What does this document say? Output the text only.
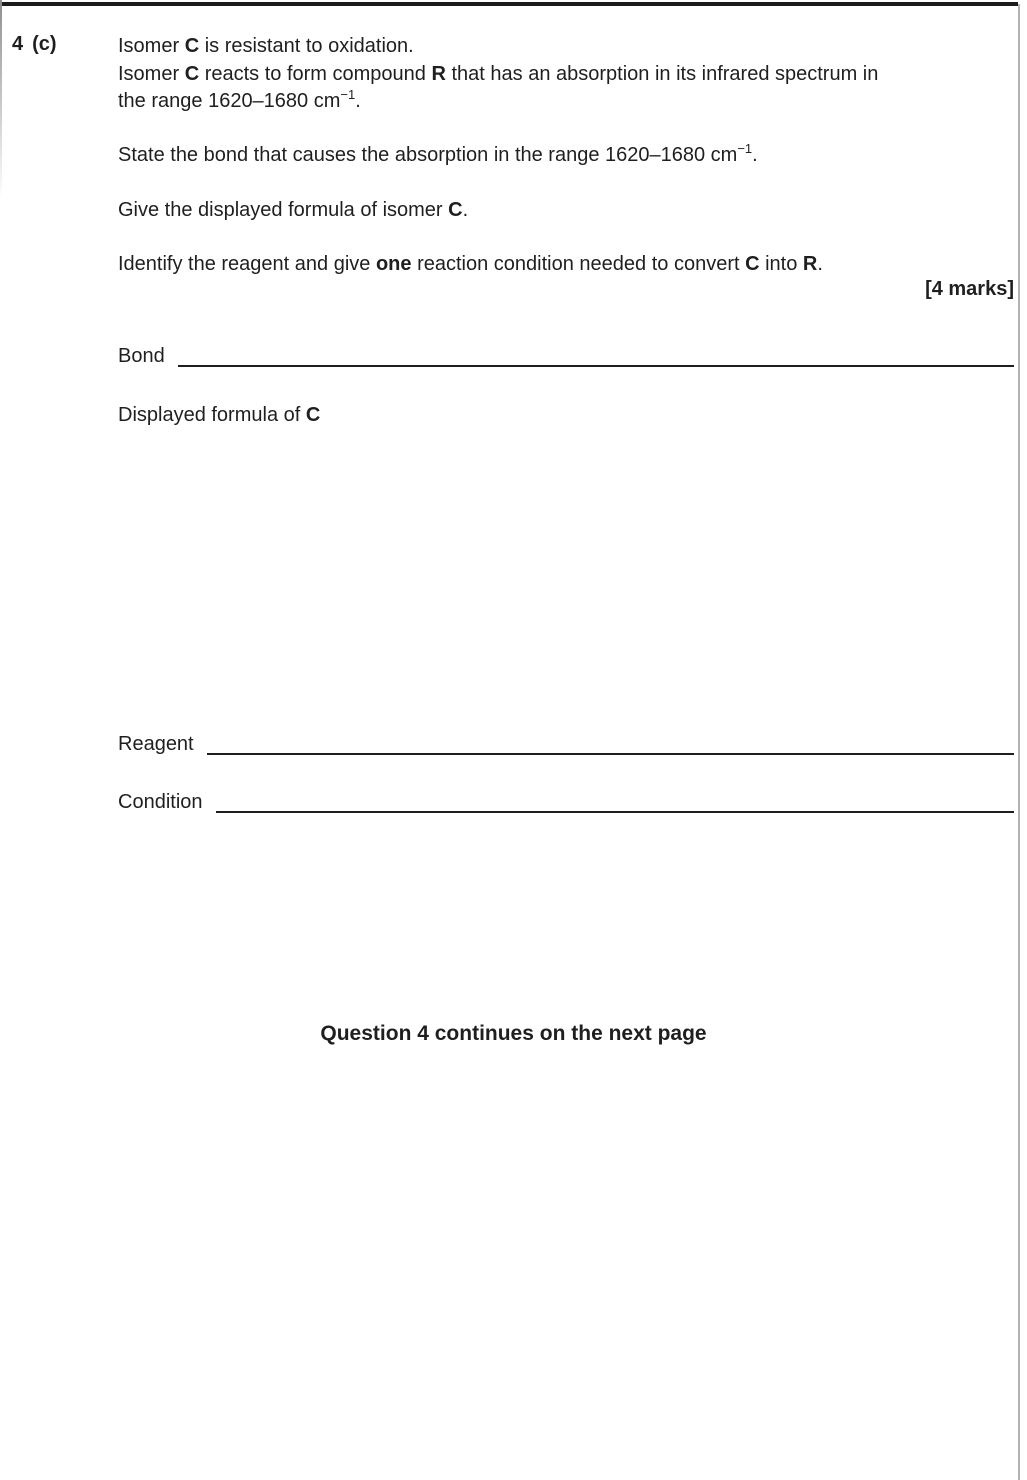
4 (c)	Isomer C is resistant to oxidation.
Isomer C reacts to form compound R that has an absorption in its infrared spectrum in
the range 1620–1680 $cm^{-1}$.
State the bond that causes the absorption in the range 1620–1680 $cm^{-1}$.
Give the displayed formula of isomer C.
Identify the reagent and give one reaction condition needed to convert C into R.
[4 marks]
Bond
Displayed formula of C
Reagent
Condition
Question 4 continues on the next page
